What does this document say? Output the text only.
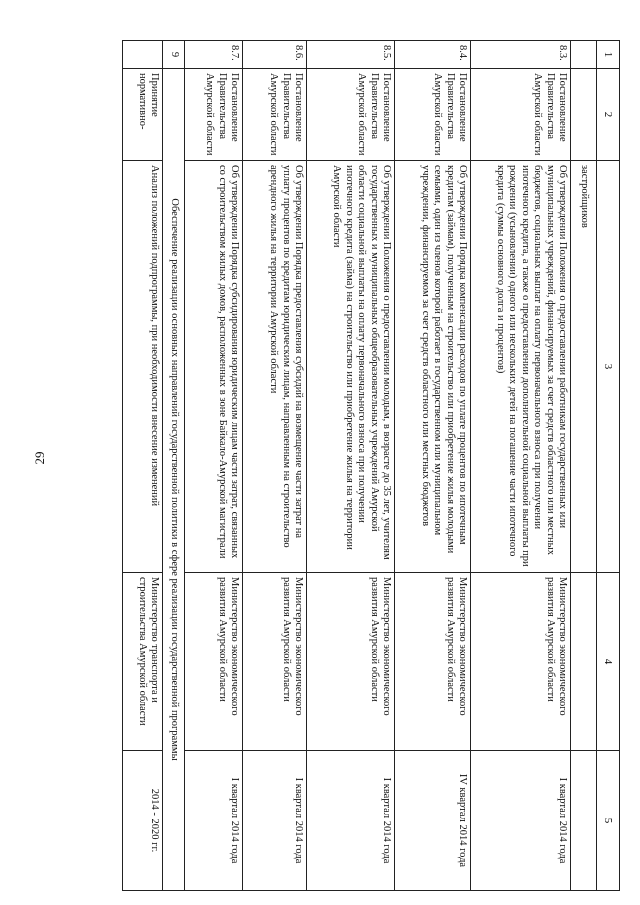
29
1	2	3	4	5
		застройщиков		
8.3.	Постановление Правительства Амурской области	Об утверждении Положения о предоставлении работникам государственных или муниципальных учреждений, финансируемых за счет средств областного или местных бюджетов, социальных выплат на оплату первоначального взноса при получении ипотечного кредита, а также о предоставлении дополнительной социальной выплаты при рождении (усыновлении) одного или нескольких детей на погашение части ипотечного кредита (суммы основного долга и процентов)	Министерство экономического развития Амурской области	I квартал 2014 года
8.4.	Постановление Правительства Амурской области	Об утверждении Порядка компенсации расходов по уплате процентов по ипотечным кредитам (займам), полученным на строительство или приобретение жилья молодыми семьями, один из членов которой работает в государственном или муниципальном учреждении, финансируемом за счет средств областного или местных бюджетов	Министерство экономического развития Амурской области	IV квартал 2014 года
8.5.	Постановление Правительства Амурской области	Об утверждении Положения о предоставлении молодым, в возрасте до 35 лет, учителям государственных и муниципальных общеобразовательных учреждений Амурской области социальной выплаты на оплату первоначального взноса при получении ипотечного кредита (займа) на строительство или приобретение жилья на территории Амурской области	Министерство экономического развития Амурской области	I квартал 2014 года
8.6.	Постановление Правительства Амурской области	Об утверждении Порядка предоставления субсидий на возмещение части затрат на уплату процентов по кредитам юридическим лицам, направленным на строительство арендного жилья на территории Амурской области	Министерство экономического развития Амурской области	I квартал 2014 года
8.7.	Постановление Правительства Амурской области	Об утверждении Порядка субсидирования юридическим лицам части затрат, связанных со строительством жилых домов, расположенных в зоне Байкало-Амурской магистрали	Министерство экономического развития Амурской области	I квартал 2014 года
9	Обеспечение реализации основных направлений государственной политики в сфере реализации государственной программы			
	Принятие нормативно-	Анализ положений подпрограммы, при необходимости внесение изменений	Министерство транспорта и строительства Амурской области	2014 - 2020 гг.
